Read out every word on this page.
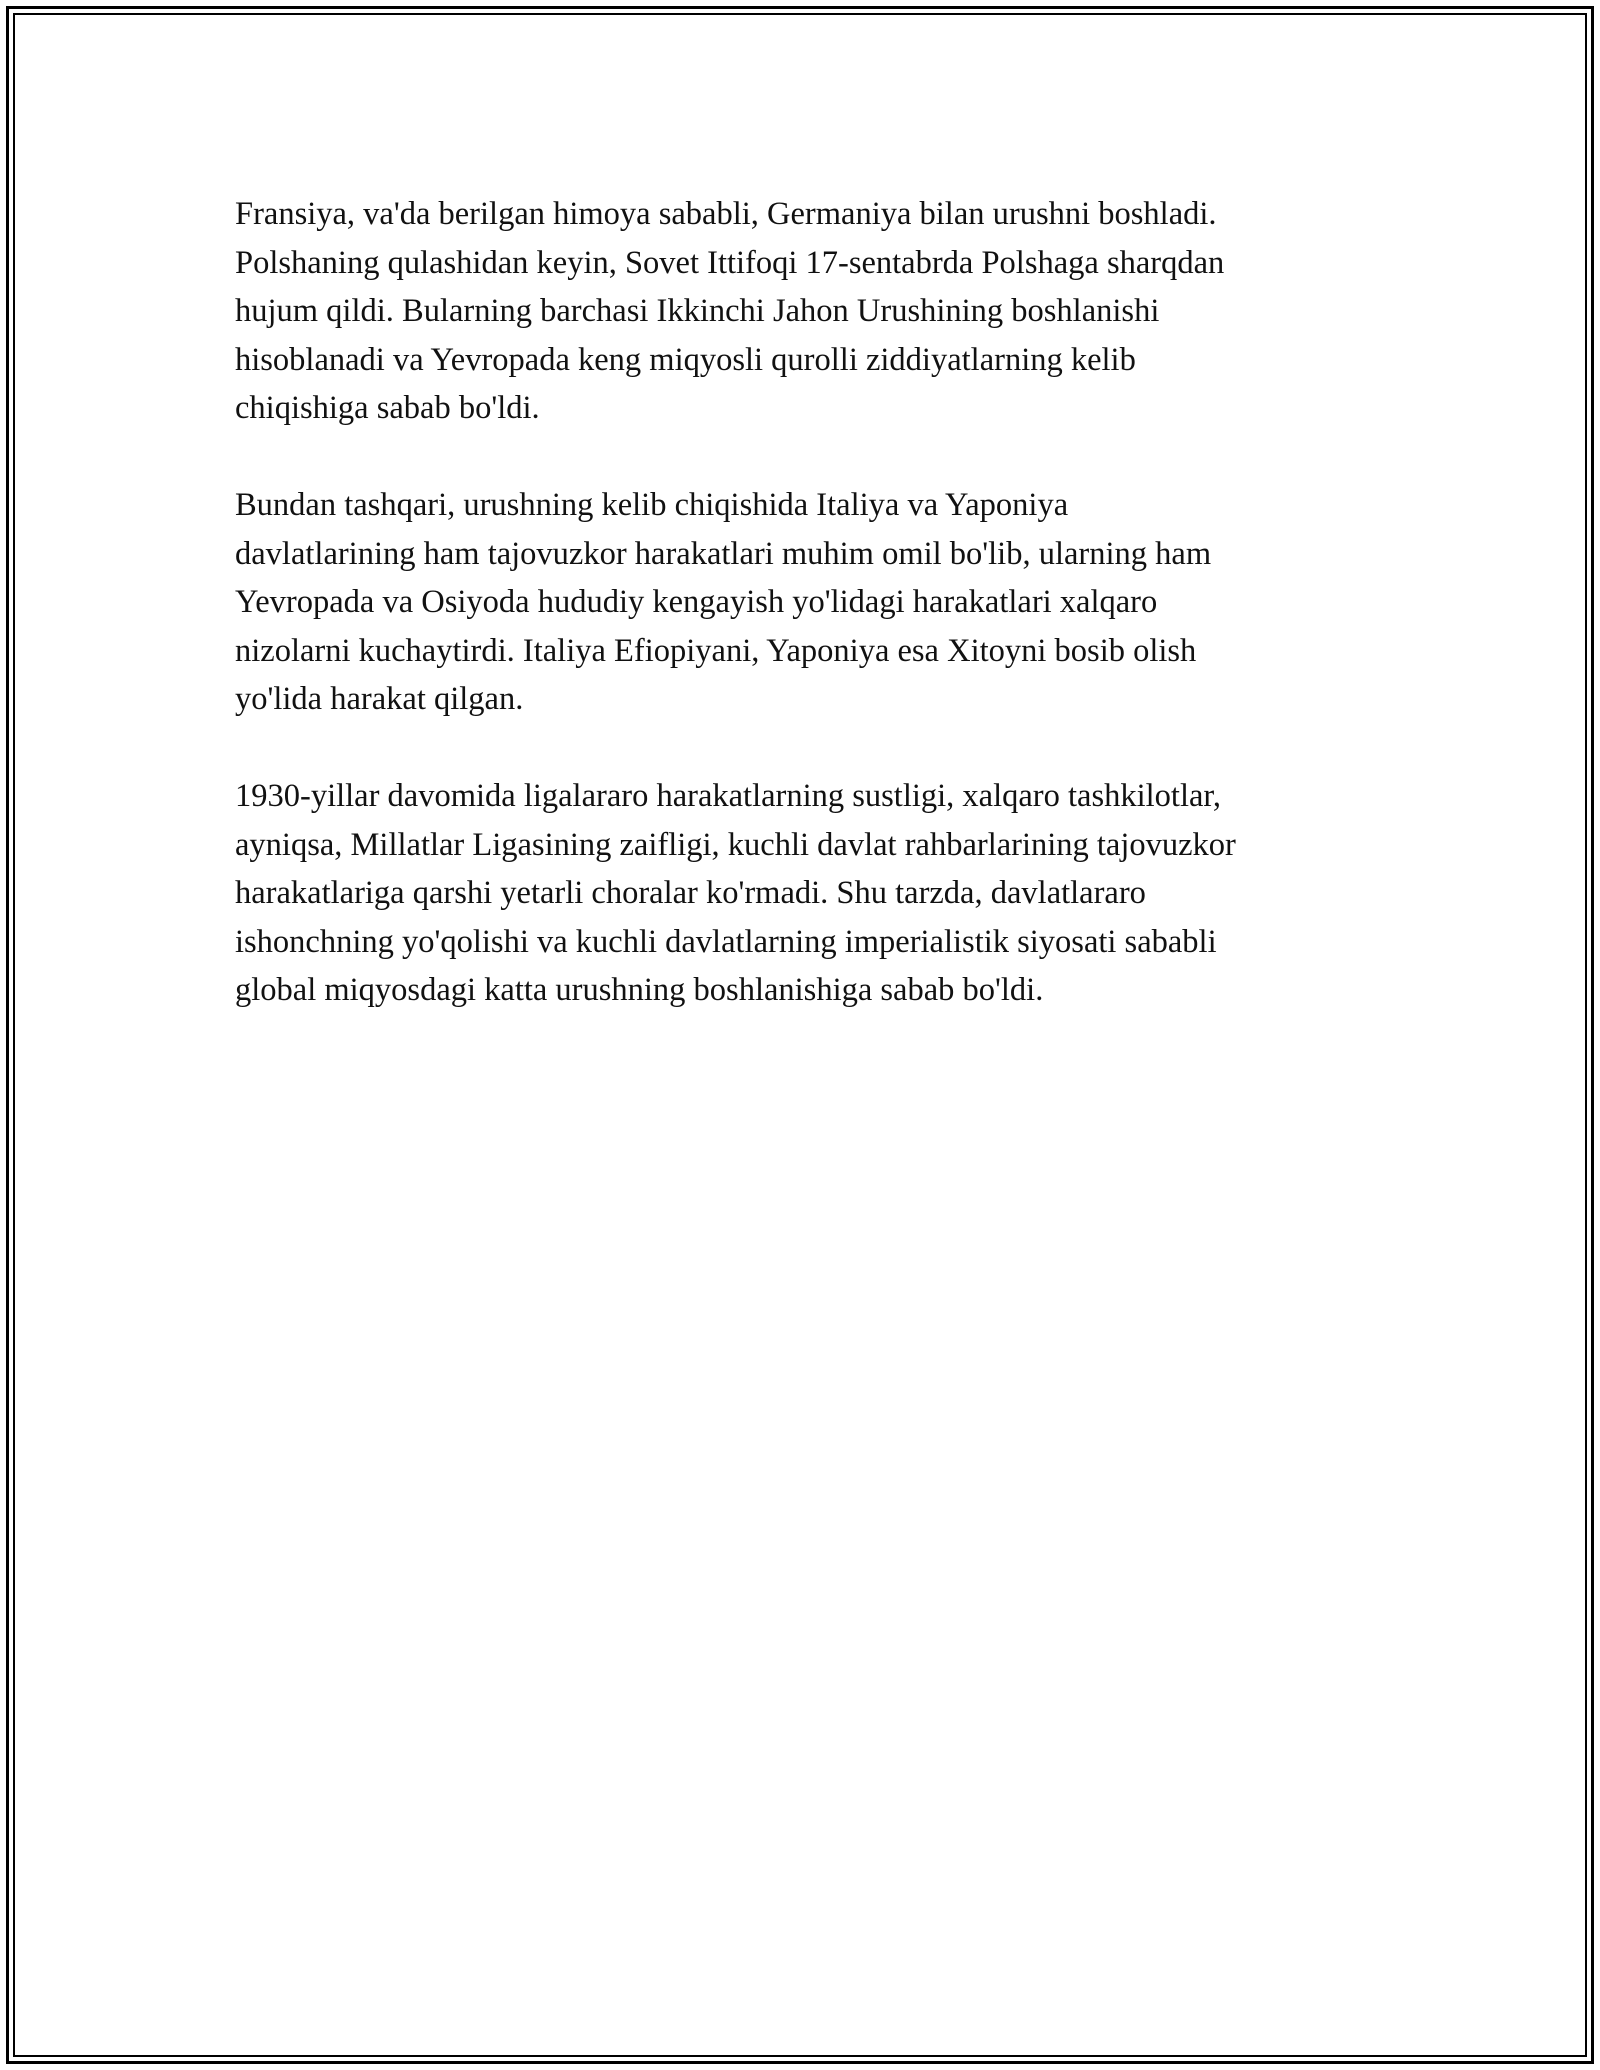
Fransiya, va'da berilgan himoya sababli, Germaniya bilan urushni boshladi.
Polshaning qulashidan keyin, Sovet Ittifoqi 17-sentabrda Polshaga sharqdan
hujum qildi. Bularning barchasi Ikkinchi Jahon Urushining boshlanishi
hisoblanadi va Yevropada keng miqyosli qurolli ziddiyatlarning kelib
chiqishiga sabab bo'ldi.

Bundan tashqari, urushning kelib chiqishida Italiya va Yaponiya
davlatlarining ham tajovuzkor harakatlari muhim omil bo'lib, ularning ham
Yevropada va Osiyoda hududiy kengayish yo'lidagi harakatlari xalqaro
nizolarni kuchaytirdi. Italiya Efiopiyani, Yaponiya esa Xitoyni bosib olish
yo'lida harakat qilgan.

1930-yillar davomida ligalararo harakatlarning sustligi, xalqaro tashkilotlar,
ayniqsa, Millatlar Ligasining zaifligi, kuchli davlat rahbarlarining tajovuzkor
harakatlariga qarshi yetarli choralar ko'rmadi. Shu tarzda, davlatlararo
ishonchning yo'qolishi va kuchli davlatlarning imperialistik siyosati sababli
global miqyosdagi katta urushning boshlanishiga sabab bo'ldi.
